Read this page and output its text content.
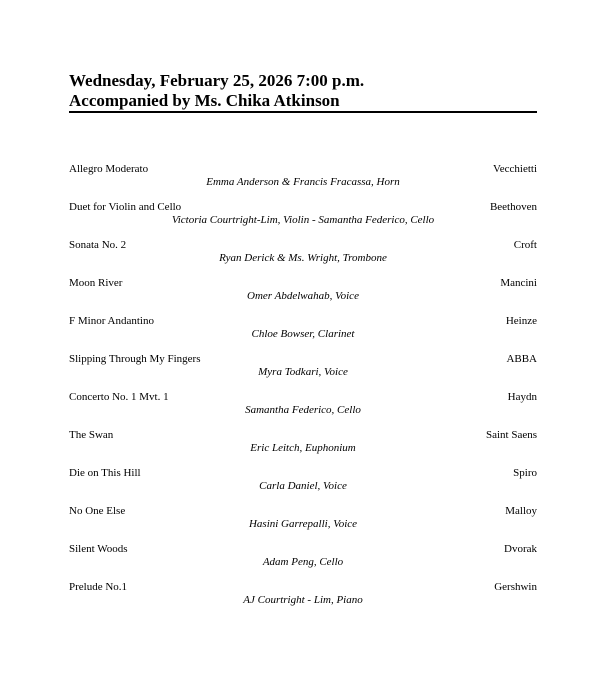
Wednesday, February 25, 2026 7:00 p.m.
Accompanied by Ms. Chika Atkinson
Allegro Moderato	Vecchietti
Emma Anderson & Francis Fracassa, Horn
Duet for Violin and Cello	Beethoven
Victoria Courtright-Lim, Violin - Samantha Federico, Cello
Sonata No. 2	Croft
Ryan Derick & Ms. Wright, Trombone
Moon River	Mancini
Omer Abdelwahab, Voice
F Minor Andantino	Heinze
Chloe Bowser, Clarinet
Slipping Through My Fingers	ABBA
Myra Todkari, Voice
Concerto No. 1 Mvt. 1	Haydn
Samantha Federico, Cello
The Swan	Saint Saens
Eric Leitch, Euphonium
Die on This Hill	Spiro
Carla Daniel, Voice
No One Else	Malloy
Hasini Garrepalli, Voice
Silent Woods	Dvorak
Adam Peng, Cello
Prelude No.1	Gershwin
AJ Courtright - Lim, Piano
